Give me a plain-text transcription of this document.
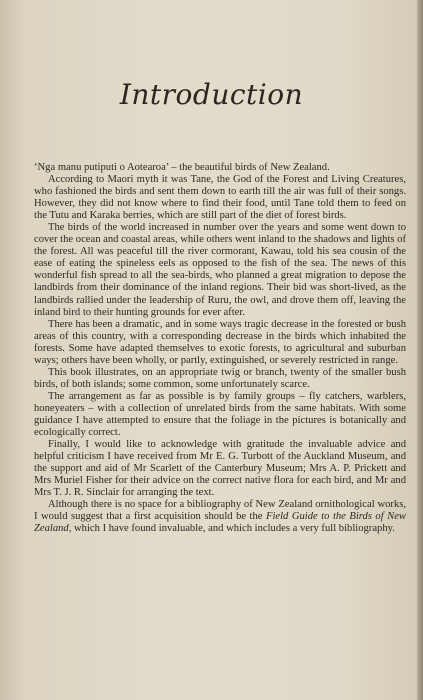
Introduction

‘Nga manu putiputi o Aotearoa’ – the beautiful birds of New Zealand.

According to Maori myth it was Tane, the God of the Forest and Living Creatures, who fashioned the birds and sent them down to earth till the air was full of their songs. However, they did not know where to find their food, until Tane told them to feed on the Tutu and Karaka berries, which are still part of the diet of forest birds.

The birds of the world increased in number over the years and some went down to cover the ocean and coastal areas, while others went inland to the shadows and lights of the forest. All was peaceful till the river cormorant, Kawau, told his sea cousin of the ease of eating the spineless eels as opposed to the fish of the sea. The news of this wonderful fish spread to all the sea-birds, who planned a great migration to depose the landbirds from their dominance of the inland regions. Their bid was short-lived, as the landbirds rallied under the leadership of Ruru, the owl, and drove them off, leaving the inland bird to their hunting grounds for ever after.

There has been a dramatic, and in some ways tragic decrease in the forested or bush areas of this country, with a corresponding decrease in the birds which inhabited the forests. Some have adapted themselves to exotic forests, to agricultural and suburban ways; others have been wholly, or partly, extinguished, or severely restricted in range.

This book illustrates, on an appropriate twig or branch, twenty of the smaller bush birds, of both islands; some common, some unfortunately scarce.

The arrangement as far as possible is by family groups – fly catchers, warblers, honeyeaters – with a collection of unrelated birds from the same habitats. With some guidance I have attempted to ensure that the foliage in the pictures is botanically and ecologically correct.

Finally, I would like to acknowledge with gratitude the invaluable advice and helpful criticism I have received from Mr E. G. Turbott of the Auckland Museum, and the support and aid of Mr Scarlett of the Canterbury Museum; Mrs A. P. Prickett and Mrs Muriel Fisher for their advice on the correct native flora for each bird, and Mr and Mrs T. J. R. Sinclair for arranging the text.

Although there is no space for a bibliography of New Zealand ornithological works, I would suggest that a first acquisition should be the Field Guide to the Birds of New Zealand, which I have found invaluable, and which includes a very full bibliography.
